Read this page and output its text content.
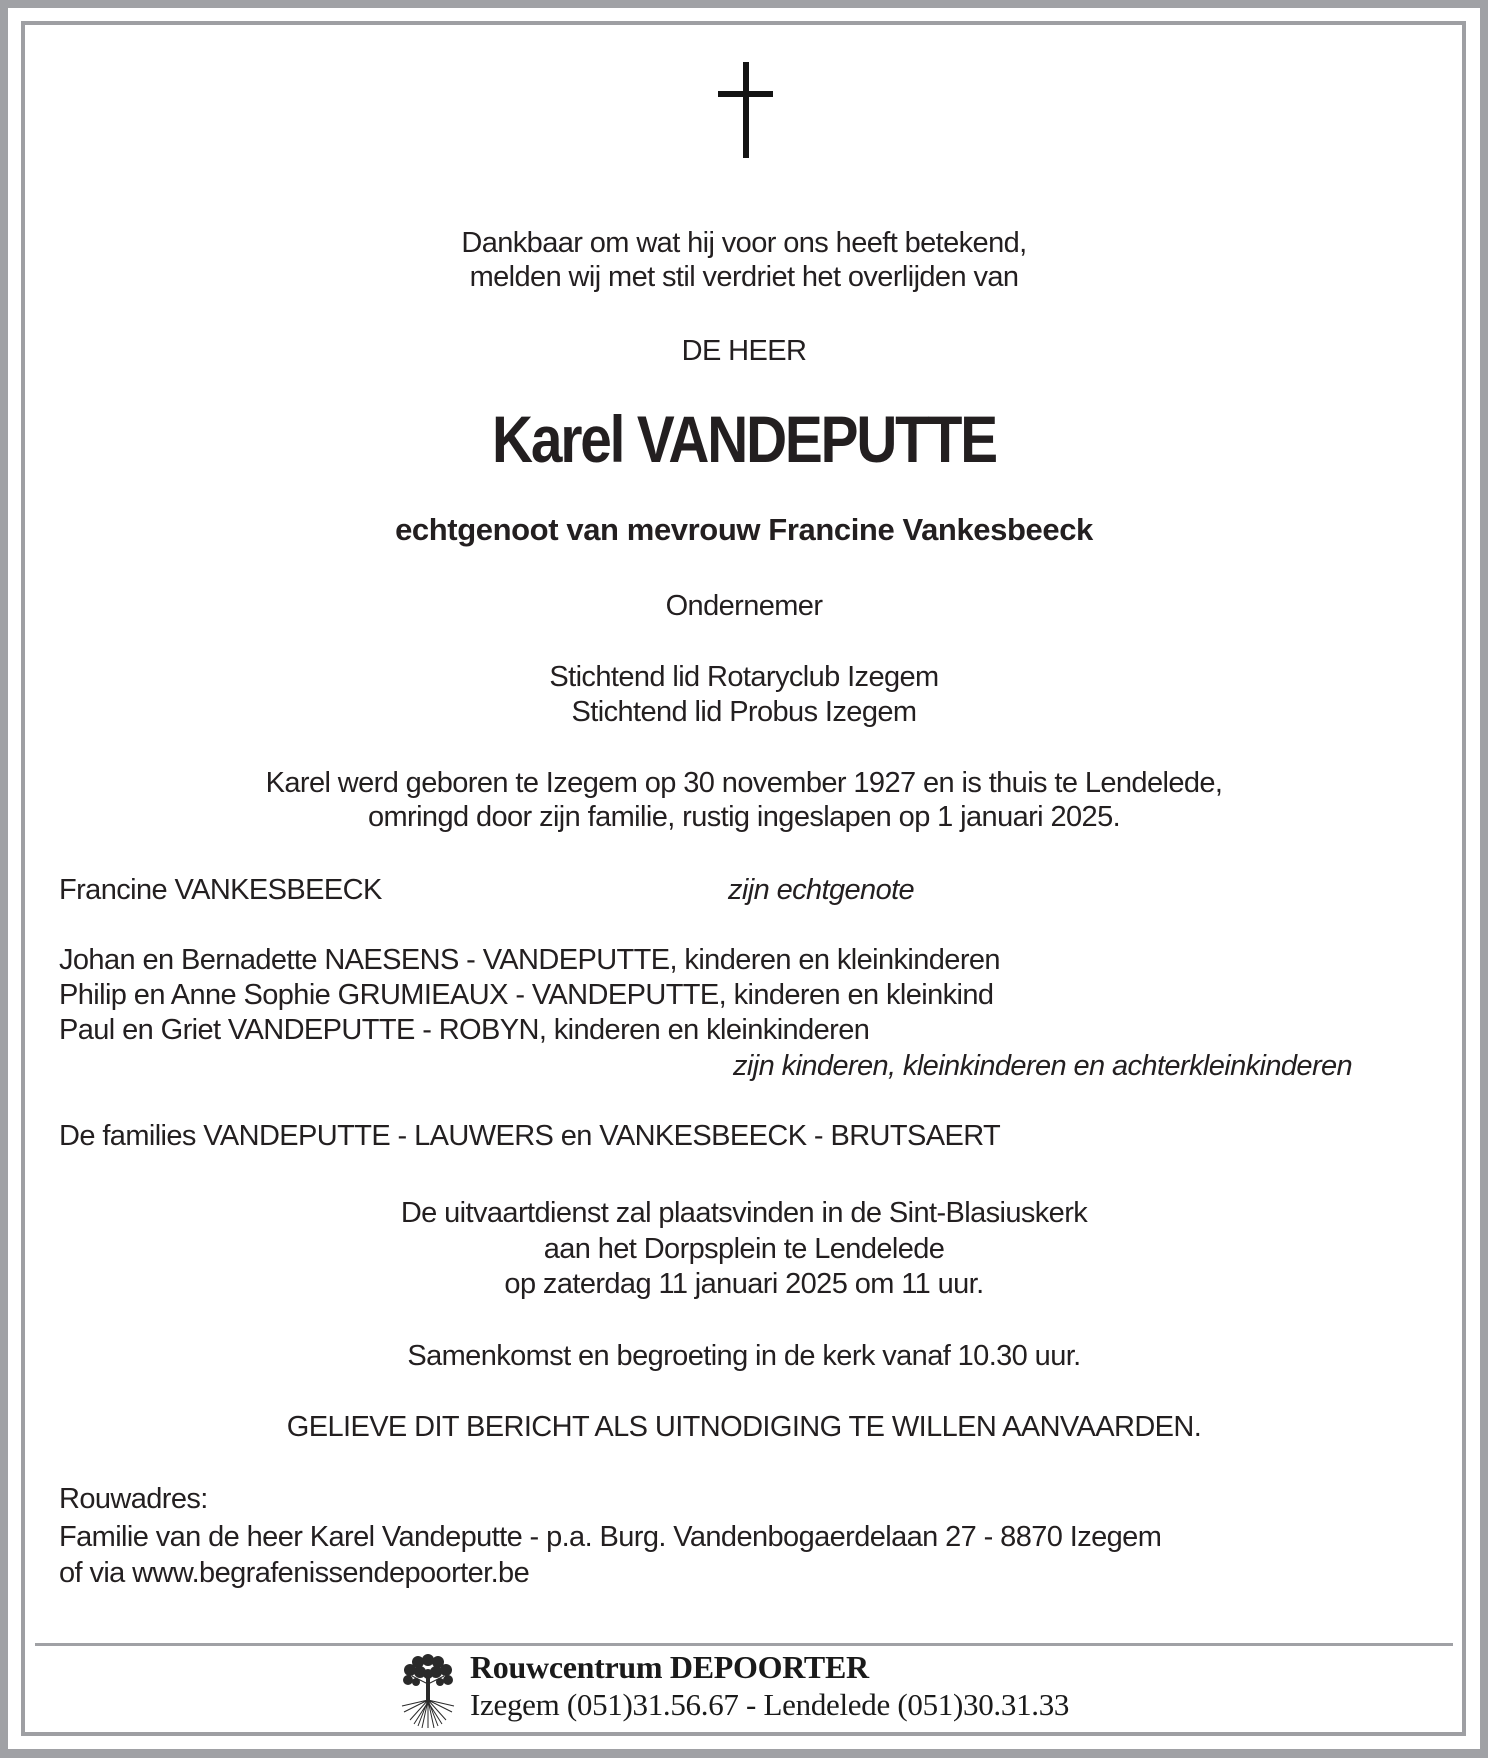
Dankbaar om wat hij voor ons heeft betekend,
melden wij met stil verdriet het overlijden van
DE HEER
Karel VANDEPUTTE
echtgenoot van mevrouw Francine Vankesbeeck
Ondernemer
Stichtend lid Rotaryclub Izegem
Stichtend lid Probus Izegem
Karel werd geboren te Izegem op 30 november 1927 en is thuis te Lendelede,
omringd door zijn familie, rustig ingeslapen op 1 januari 2025.
Francine VANKESBEECK	zijn echtgenote
Johan en Bernadette NAESENS - VANDEPUTTE, kinderen en kleinkinderen
Philip en Anne Sophie GRUMIEAUX - VANDEPUTTE, kinderen en kleinkind
Paul en Griet VANDEPUTTE - ROBYN, kinderen en kleinkinderen
zijn kinderen, kleinkinderen en achterkleinkinderen
De families VANDEPUTTE - LAUWERS en VANKESBEECK - BRUTSAERT
De uitvaartdienst zal plaatsvinden in de Sint-Blasiuskerk
aan het Dorpsplein te Lendelede
op zaterdag 11 januari 2025 om 11 uur.
Samenkomst en begroeting in de kerk vanaf 10.30 uur.
GELIEVE DIT BERICHT ALS UITNODIGING TE WILLEN AANVAARDEN.
Rouwadres:
Familie van de heer Karel Vandeputte - p.a. Burg. Vandenbogaerdelaan 27 - 8870 Izegem
of via www.begrafenissendepoorter.be
Rouwcentrum DEPOORTER
Izegem (051)31.56.67 - Lendelede (051)30.31.33
